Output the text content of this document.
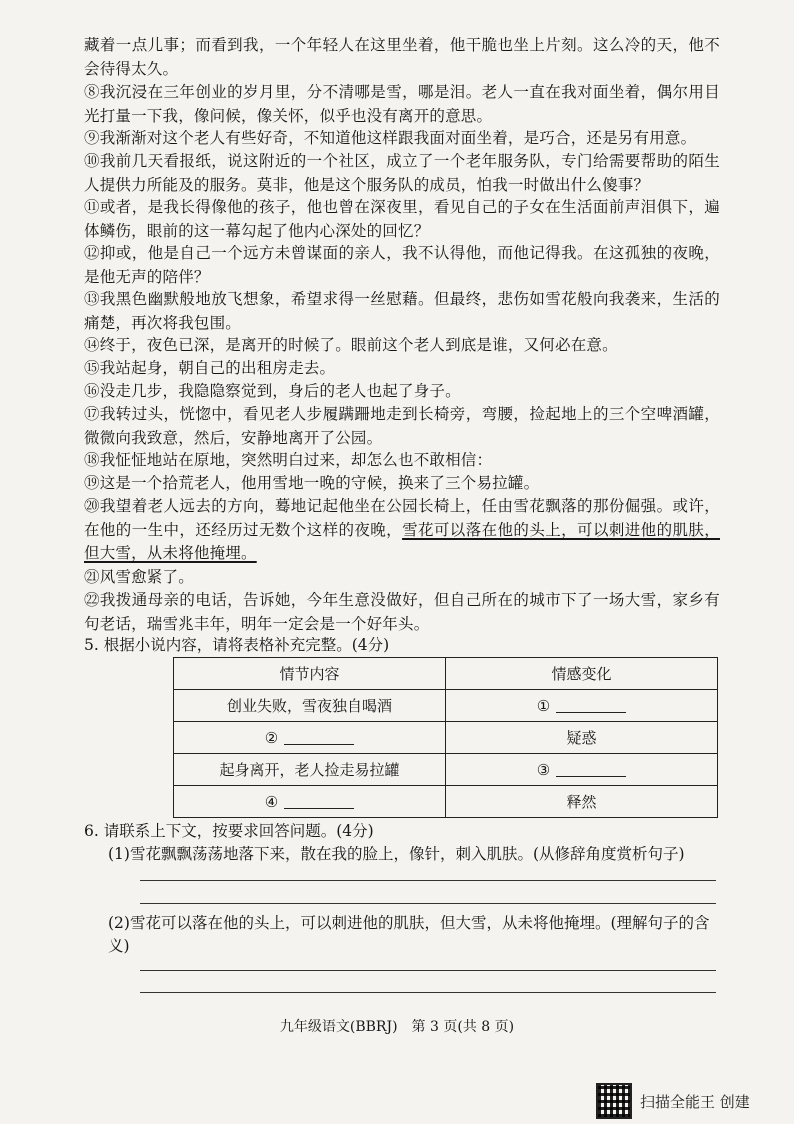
藏着一点儿事；而看到我，一个年轻人在这里坐着，他干脆也坐上片刻。这么冷的天，他不会待得太久。

⑧我沉浸在三年创业的岁月里，分不清哪是雪，哪是泪。老人一直在我对面坐着，偶尔用目光打量一下我，像问候，像关怀，似乎也没有离开的意思。

⑨我渐渐对这个老人有些好奇，不知道他这样跟我面对面坐着，是巧合，还是另有用意。

⑩我前几天看报纸，说这附近的一个社区，成立了一个老年服务队，专门给需要帮助的陌生人提供力所能及的服务。莫非，他是这个服务队的成员，怕我一时做出什么傻事？

⑪或者，是我长得像他的孩子，他也曾在深夜里，看见自己的子女在生活面前声泪俱下，遍体鳞伤，眼前的这一幕勾起了他内心深处的回忆？

⑫抑或，他是自己一个远方未曾谋面的亲人，我不认得他，而他记得我。在这孤独的夜晚，是他无声的陪伴？

⑬我黑色幽默般地放飞想象，希望求得一丝慰藉。但最终，悲伤如雪花般向我袭来，生活的痛楚，再次将我包围。

⑭终于，夜色已深，是离开的时候了。眼前这个老人到底是谁，又何必在意。

⑮我站起身，朝自己的出租房走去。

⑯没走几步，我隐隐察觉到，身后的老人也起了身子。

⑰我转过头，恍惚中，看见老人步履蹒跚地走到长椅旁，弯腰，捡起地上的三个空啤酒罐，微微向我致意，然后，安静地离开了公园。

⑱我怔怔地站在原地，突然明白过来，却怎么也不敢相信：

⑲这是一个拾荒老人，他用雪地一晚的守候，换来了三个易拉罐。

⑳我望着老人远去的方向，蓦地记起他坐在公园长椅上，任由雪花飘落的那份倔强。或许，在他的一生中，还经历过无数个这样的夜晚，雪花可以落在他的头上，可以刺进他的肌肤，但大雪，从未将他掩埋。

㉑风雪愈紧了。

㉒我拨通母亲的电话，告诉她，今年生意没做好，但自己所在的城市下了一场大雪，家乡有句老话，瑞雪兆丰年，明年一定会是一个好年头。

5. 根据小说内容，请将表格补充完整。(4分)
情节内容	情感变化
创业失败，雪夜独自喝酒	①
②	疑惑
起身离开，老人捡走易拉罐	③
④	释然
6. 请联系上下文，按要求回答问题。(4分)
(1)雪花飘飘荡荡地落下来，散在我的脸上，像针，刺入肌肤。(从修辞角度赏析句子)
(2)雪花可以落在他的头上，可以刺进他的肌肤，但大雪，从未将他掩埋。(理解句子的含义)
九年级语文(BBRJ)　第 3 页(共 8 页)
扫描全能王 创建
